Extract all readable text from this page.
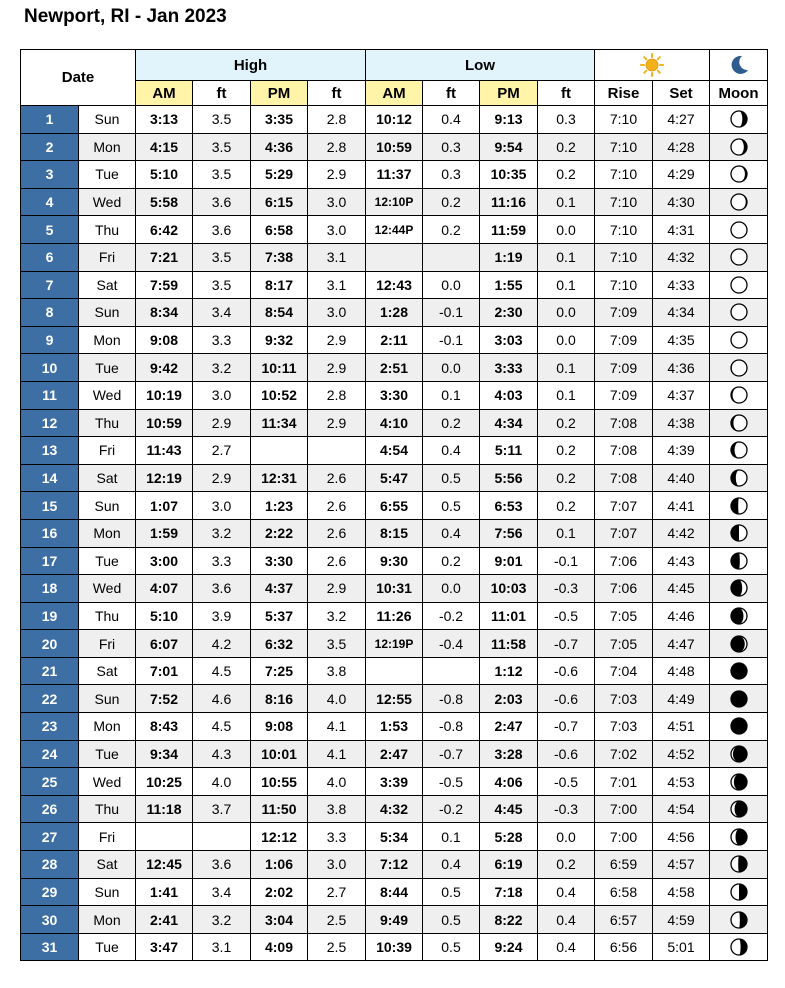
Newport, RI - Jan 2023
Date		High				Low	

		AM	ft	PM	ft	AM	ft	PM	ft	Rise	Set	Moon
1	Sun	3:13	3.5	3:35	2.8	10:12	0.4	9:13	0.3	7:10	4:27	

2	Mon	4:15	3.5	4:36	2.8	10:59	0.3	9:54	0.2	7:10	4:28	

3	Tue	5:10	3.5	5:29	2.9	11:37	0.3	10:35	0.2	7:10	4:29	

4	Wed	5:58	3.6	6:15	3.0	12:10P	0.2	11:16	0.1	7:10	4:30	

5	Thu	6:42	3.6	6:58	3.0	12:44P	0.2	11:59	0.0	7:10	4:31	

6	Fri	7:21	3.5	7:38	3.1			1:19	0.1	7:10	4:32	

7	Sat	7:59	3.5	8:17	3.1	12:43	0.0	1:55	0.1	7:10	4:33	

8	Sun	8:34	3.4	8:54	3.0	1:28	-0.1	2:30	0.0	7:09	4:34	

9	Mon	9:08	3.3	9:32	2.9	2:11	-0.1	3:03	0.0	7:09	4:35	

10	Tue	9:42	3.2	10:11	2.9	2:51	0.0	3:33	0.1	7:09	4:36	

11	Wed	10:19	3.0	10:52	2.8	3:30	0.1	4:03	0.1	7:09	4:37	

12	Thu	10:59	2.9	11:34	2.9	4:10	0.2	4:34	0.2	7:08	4:38	

13	Fri	11:43	2.7			4:54	0.4	5:11	0.2	7:08	4:39	

14	Sat	12:19	2.9	12:31	2.6	5:47	0.5	5:56	0.2	7:08	4:40	

15	Sun	1:07	3.0	1:23	2.6	6:55	0.5	6:53	0.2	7:07	4:41	

16	Mon	1:59	3.2	2:22	2.6	8:15	0.4	7:56	0.1	7:07	4:42	

17	Tue	3:00	3.3	3:30	2.6	9:30	0.2	9:01	-0.1	7:06	4:43	

18	Wed	4:07	3.6	4:37	2.9	10:31	0.0	10:03	-0.3	7:06	4:45	

19	Thu	5:10	3.9	5:37	3.2	11:26	-0.2	11:01	-0.5	7:05	4:46	

20	Fri	6:07	4.2	6:32	3.5	12:19P	-0.4	11:58	-0.7	7:05	4:47	

21	Sat	7:01	4.5	7:25	3.8			1:12	-0.6	7:04	4:48	

22	Sun	7:52	4.6	8:16	4.0	12:55	-0.8	2:03	-0.6	7:03	4:49	

23	Mon	8:43	4.5	9:08	4.1	1:53	-0.8	2:47	-0.7	7:03	4:51	

24	Tue	9:34	4.3	10:01	4.1	2:47	-0.7	3:28	-0.6	7:02	4:52	

25	Wed	10:25	4.0	10:55	4.0	3:39	-0.5	4:06	-0.5	7:01	4:53	

26	Thu	11:18	3.7	11:50	3.8	4:32	-0.2	4:45	-0.3	7:00	4:54	

27	Fri			12:12	3.3	5:34	0.1	5:28	0.0	7:00	4:56	

28	Sat	12:45	3.6	1:06	3.0	7:12	0.4	6:19	0.2	6:59	4:57	

29	Sun	1:41	3.4	2:02	2.7	8:44	0.5	7:18	0.4	6:58	4:58	

30	Mon	2:41	3.2	3:04	2.5	9:49	0.5	8:22	0.4	6:57	4:59	

31	Tue	3:47	3.1	4:09	2.5	10:39	0.5	9:24	0.4	6:56	5:01	
